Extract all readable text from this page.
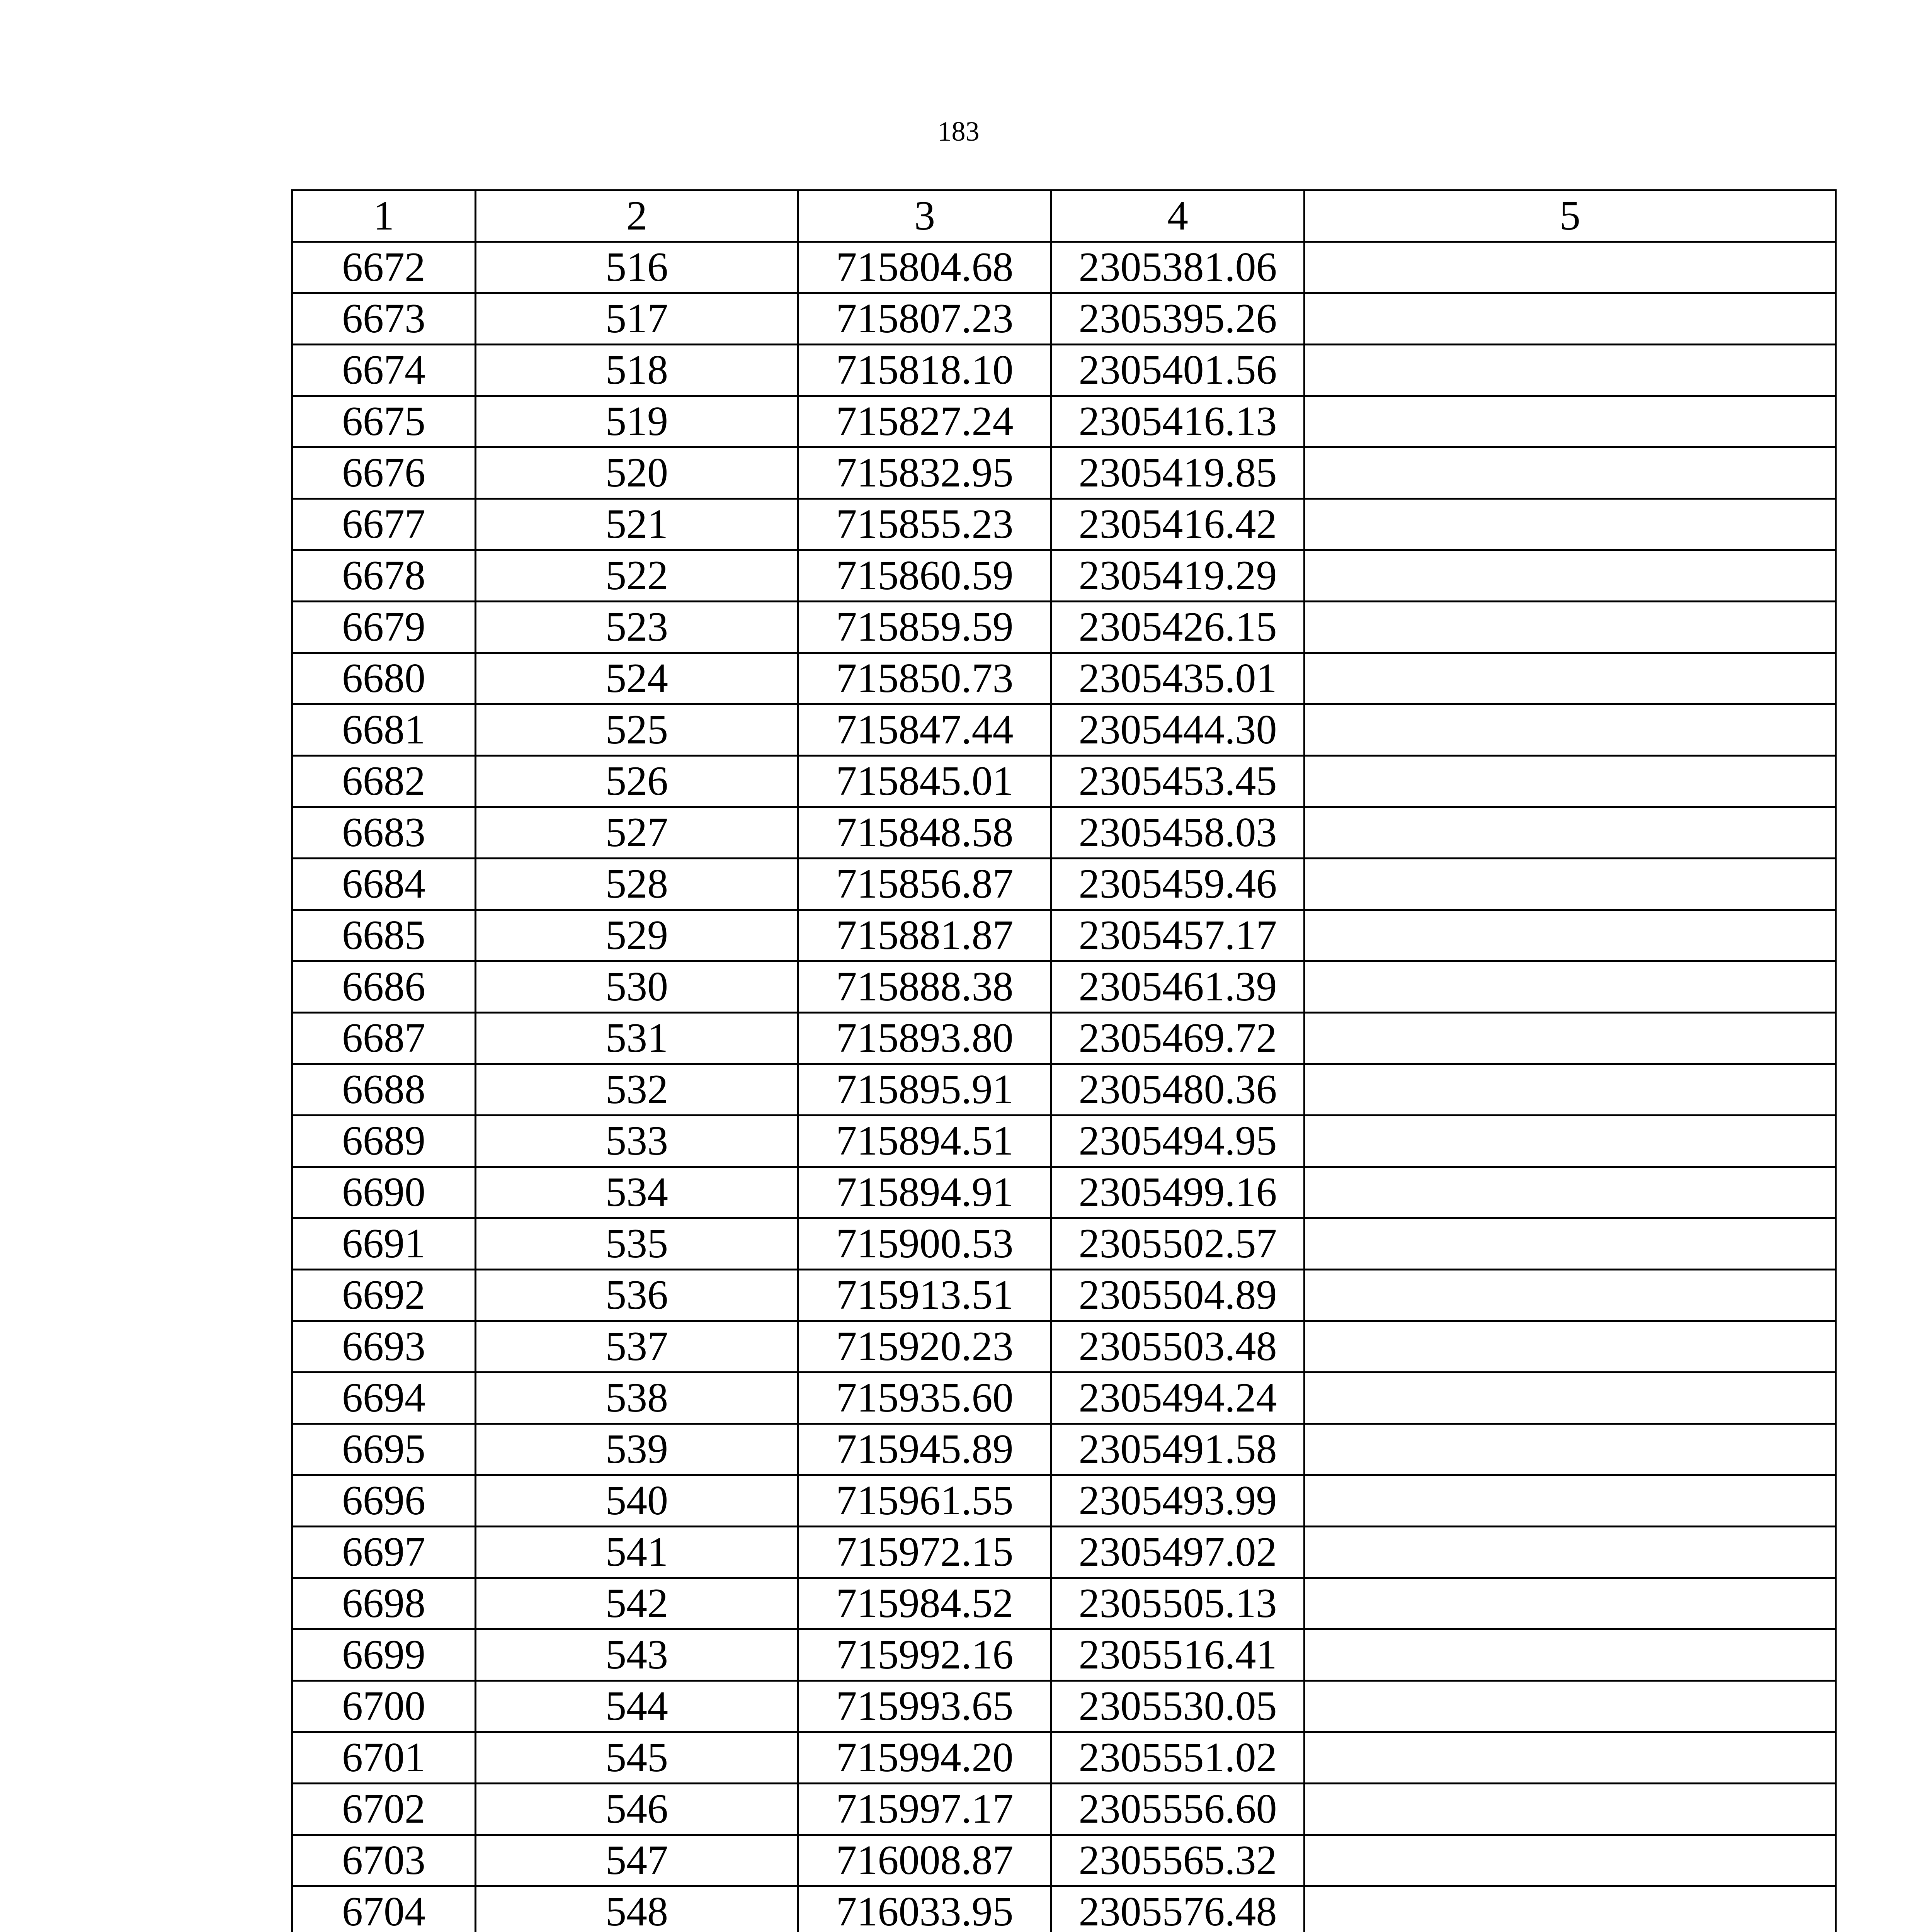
183
1	2	3	4	5
6672	516	715804.68	2305381.06	
6673	517	715807.23	2305395.26	
6674	518	715818.10	2305401.56	
6675	519	715827.24	2305416.13	
6676	520	715832.95	2305419.85	
6677	521	715855.23	2305416.42	
6678	522	715860.59	2305419.29	
6679	523	715859.59	2305426.15	
6680	524	715850.73	2305435.01	
6681	525	715847.44	2305444.30	
6682	526	715845.01	2305453.45	
6683	527	715848.58	2305458.03	
6684	528	715856.87	2305459.46	
6685	529	715881.87	2305457.17	
6686	530	715888.38	2305461.39	
6687	531	715893.80	2305469.72	
6688	532	715895.91	2305480.36	
6689	533	715894.51	2305494.95	
6690	534	715894.91	2305499.16	
6691	535	715900.53	2305502.57	
6692	536	715913.51	2305504.89	
6693	537	715920.23	2305503.48	
6694	538	715935.60	2305494.24	
6695	539	715945.89	2305491.58	
6696	540	715961.55	2305493.99	
6697	541	715972.15	2305497.02	
6698	542	715984.52	2305505.13	
6699	543	715992.16	2305516.41	
6700	544	715993.65	2305530.05	
6701	545	715994.20	2305551.02	
6702	546	715997.17	2305556.60	
6703	547	716008.87	2305565.32	
6704	548	716033.95	2305576.48	
